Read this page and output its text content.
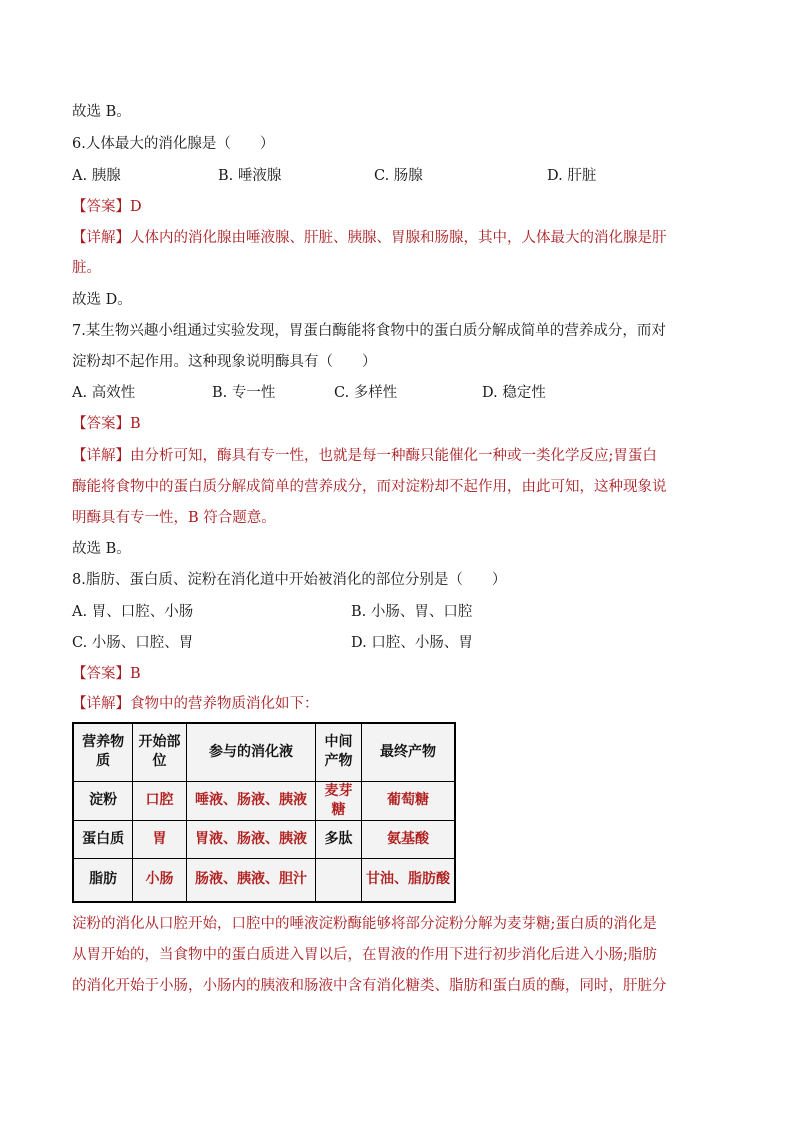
故选 B。
6.人体最大的消化腺是（　　）
A. 胰腺	B. 唾液腺	C. 肠腺	D. 肝脏
【答案】D
【详解】人体内的消化腺由唾液腺、肝脏、胰腺、胃腺和肠腺，其中，人体最大的消化腺是肝
脏。
故选 D。
7.某生物兴趣小组通过实验发现，胃蛋白酶能将食物中的蛋白质分解成简单的营养成分，而对
淀粉却不起作用。这种现象说明酶具有（　　）
A. 高效性	B. 专一性	C. 多样性	D. 稳定性
【答案】B
【详解】由分析可知，酶具有专一性，也就是每一种酶只能催化一种或一类化学反应;胃蛋白
酶能将食物中的蛋白质分解成简单的营养成分，而对淀粉却不起作用，由此可知，这种现象说
明酶具有专一性，B 符合题意。
故选 B。
8.脂肪、蛋白质、淀粉在消化道中开始被消化的部位分别是（　　）
A. 胃、口腔、小肠	B. 小肠、胃、口腔
C. 小肠、口腔、胃	D. 口腔、小肠、胃
【答案】B
【详解】食物中的营养物质消化如下：
营养物
质	开始部
位	参与的消化液	中间
产物	最终产物
淀粉	口腔	唾液、肠液、胰液	麦芽糖	葡萄糖
蛋白质	胃	胃液、肠液、胰液	多肽	氨基酸
脂肪	小肠	肠液、胰液、胆汁		甘油、脂肪酸
淀粉的消化从口腔开始，口腔中的唾液淀粉酶能够将部分淀粉分解为麦芽糖;蛋白质的消化是
从胃开始的，当食物中的蛋白质进入胃以后，在胃液的作用下进行初步消化后进入小肠;脂肪
的消化开始于小肠，小肠内的胰液和肠液中含有消化糖类、脂肪和蛋白质的酶，同时，肝脏分
